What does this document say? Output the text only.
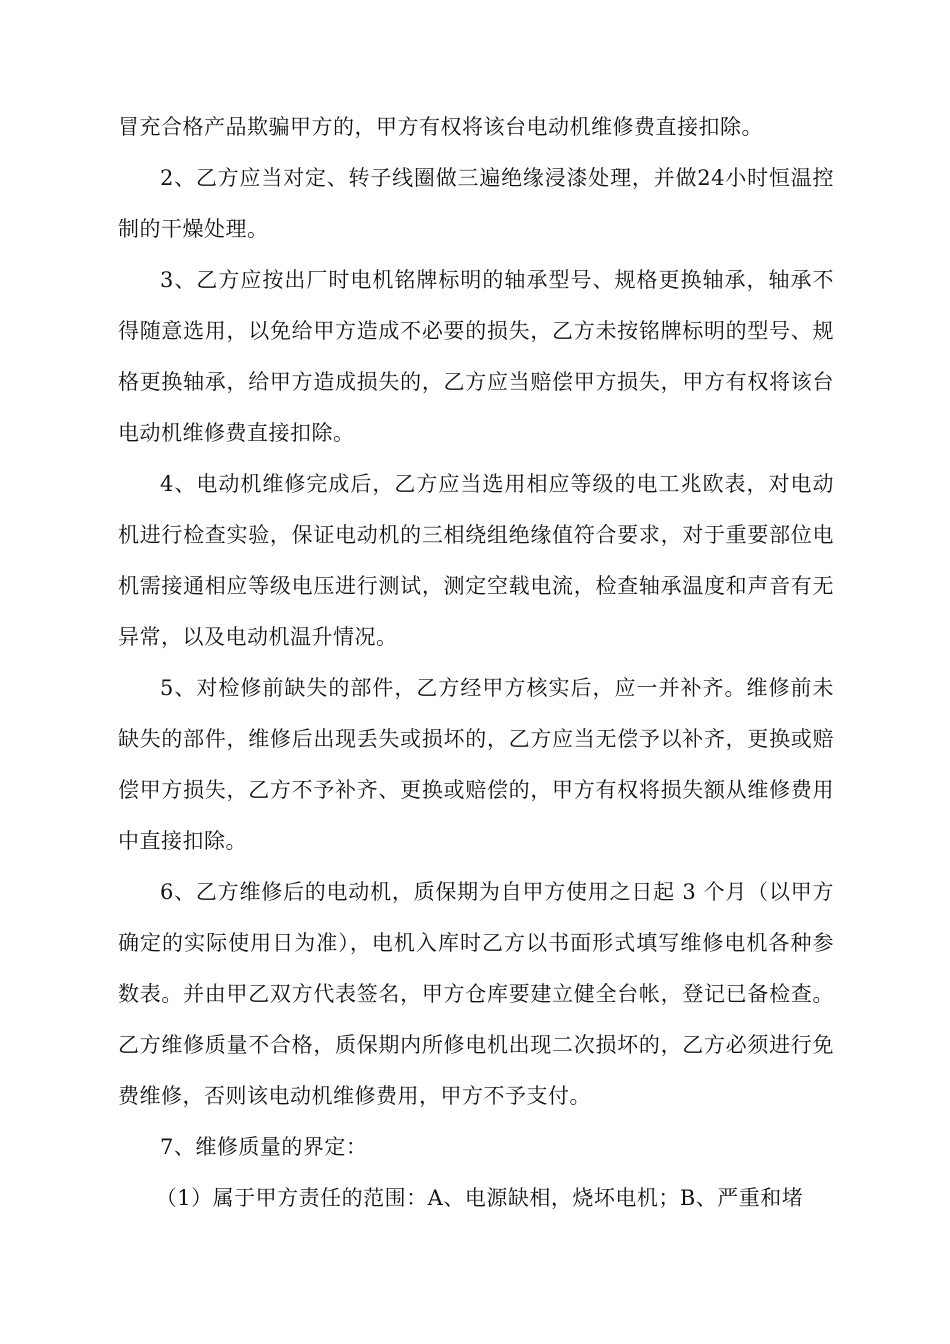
冒充合格产品欺骗甲方的，甲方有权将该台电动机维修费直接扣除。

2、乙方应当对定、转子线圈做三遍绝缘浸漆处理，并做24小时恒温控制的干燥处理。

3、乙方应按出厂时电机铭牌标明的轴承型号、规格更换轴承，轴承不得随意选用，以免给甲方造成不必要的损失，乙方未按铭牌标明的型号、规格更换轴承，给甲方造成损失的，乙方应当赔偿甲方损失，甲方有权将该台电动机维修费直接扣除。

4、电动机维修完成后，乙方应当选用相应等级的电工兆欧表，对电动机进行检查实验，保证电动机的三相绕组绝缘值符合要求，对于重要部位电机需接通相应等级电压进行测试，测定空载电流，检查轴承温度和声音有无异常，以及电动机温升情况。

5、对检修前缺失的部件，乙方经甲方核实后，应一并补齐。维修前未缺失的部件，维修后出现丢失或损坏的，乙方应当无偿予以补齐，更换或赔偿甲方损失，乙方不予补齐、更换或赔偿的，甲方有权将损失额从维修费用中直接扣除。

6、乙方维修后的电动机，质保期为自甲方使用之日起 3 个月（以甲方确定的实际使用日为准），电机入库时乙方以书面形式填写维修电机各种参数表。并由甲乙双方代表签名，甲方仓库要建立健全台帐，登记已备检查。乙方维修质量不合格，质保期内所修电机出现二次损坏的，乙方必须进行免费维修，否则该电动机维修费用，甲方不予支付。

7、维修质量的界定：

（1）属于甲方责任的范围：A、电源缺相，烧坏电机；B、严重和堵
